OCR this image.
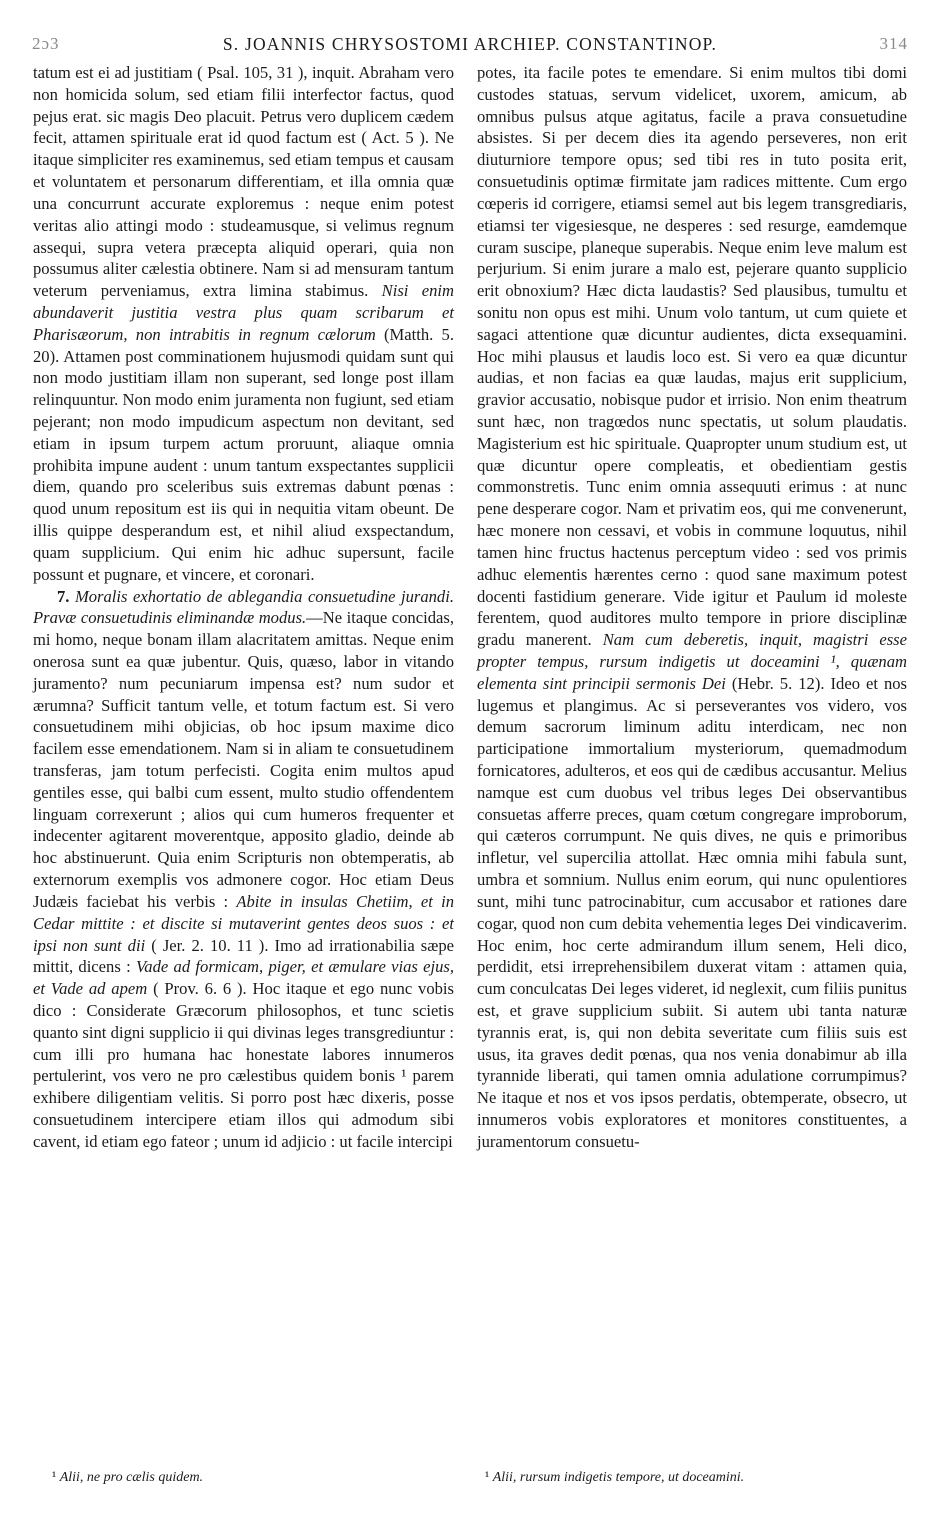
2ɔ3	S. JOANNIS CHRYSOSTOMI ARCHIEP. CONSTANTINOP.	314

tatum est ei ad justitiam ( Psal. 105, 31 ), inquit. Abraham vero non homicida solum, sed etiam filii interfector factus, quod pejus erat. sic magis Deo placuit. Petrus vero duplicem cædem fecit, attamen spirituale erat id quod factum est ( Act. 5 ). Ne itaque simpliciter res examinemus, sed etiam tempus et causam et voluntatem et personarum differentiam, et illa omnia quæ una concurrunt accurate exploremus : neque enim potest veritas alio attingi modo : studeamusque, si velimus regnum assequi, supra vetera præcepta aliquid operari, quia non possumus aliter cælestia obtinere. Nam si ad mensuram tantum veterum perveniamus, extra limina stabimus. Nisi enim abundaverit justitia vestra plus quam scribarum et Pharisæorum, non intrabitis in regnum cælorum (Matth. 5. 20). Attamen post comminationem hujusmodi quidam sunt qui non modo justitiam illam non superant, sed longe post illam relinquuntur. Non modo enim juramenta non fugiunt, sed etiam pejerant; non modo impudicum aspectum non devitant, sed etiam in ipsum turpem actum proruunt, aliaque omnia prohibita impune audent : unum tantum exspectantes supplicii diem, quando pro sceleribus suis extremas dabunt pœnas : quod unum repositum est iis qui in nequitia vitam obeunt. De illis quippe desperandum est, et nihil aliud exspectandum, quam supplicium. Qui enim hic adhuc supersunt, facile possunt et pugnare, et vincere, et coronari.

7. Moralis exhortatio de ablegandia consuetudine jurandi. Pravæ consuetudinis eliminandæ modus.—Ne itaque concidas, mi homo, neque bonam illam alacritatem amittas. Neque enim onerosa sunt ea quæ jubentur. Quis, quæso, labor in vitando juramento? num pecuniarum impensa est? num sudor et ærumna? Sufficit tantum velle, et totum factum est. Si vero consuetudinem mihi objicias, ob hoc ipsum maxime dico facilem esse emendationem. Nam si in aliam te consuetudinem transferas, jam totum perfecisti. Cogita enim multos apud gentiles esse, qui balbi cum essent, multo studio offendentem linguam correxerunt ; alios qui cum humeros frequenter et indecenter agitarent moverentque, apposito gladio, deinde ab hoc abstinuerunt. Quia enim Scripturis non obtemperatis, ab externorum exemplis vos admonere cogor. Hoc etiam Deus Judæis faciebat his verbis : Abite in insulas Chetiim, et in Cedar mittite : et discite si mutaverint gentes deos suos : et ipsi non sunt dii ( Jer. 2. 10. 11 ). Imo ad irrationabilia sæpe mittit, dicens : Vade ad formicam, piger, et æmulare vias ejus, et Vade ad apem ( Prov. 6. 6 ). Hoc itaque et ego nunc vobis dico : Considerate Græcorum philosophos, et tunc scietis quanto sint digni supplicio ii qui divinas leges transgrediuntur : cum illi pro humana hac honestate labores innumeros pertulerint, vos vero ne pro cælestibus quidem bonis ¹ parem exhibere diligentiam velitis. Si porro post hæc dixeris, posse consuetudinem intercipere etiam illos qui admodum sibi cavent, id etiam ego fateor ; unum id adjicio : ut facile intercipi

potes, ita facile potes te emendare. Si enim multos tibi domi custodes statuas, servum videlicet, uxorem, amicum, ab omnibus pulsus atque agitatus, facile a prava consuetudine absistes. Si per decem dies ita agendo perseveres, non erit diuturniore tempore opus; sed tibi res in tuto posita erit, consuetudinis optimæ firmitate jam radices mittente. Cum ergo cœperis id corrigere, etiamsi semel aut bis legem transgrediaris, etiamsi ter vigesiesque, ne desperes : sed resurge, eamdemque curam suscipe, planeque superabis. Neque enim leve malum est perjurium. Si enim jurare a malo est, pejerare quanto supplicio erit obnoxium? Hæc dicta laudastis? Sed plausibus, tumultu et sonitu non opus est mihi. Unum volo tantum, ut cum quiete et sagaci attentione quæ dicuntur audientes, dicta exsequamini. Hoc mihi plausus et laudis loco est. Si vero ea quæ dicuntur audias, et non facias ea quæ laudas, majus erit supplicium, gravior accusatio, nobisque pudor et irrisio. Non enim theatrum sunt hæc, non tragœdos nunc spectatis, ut solum plaudatis. Magisterium est hic spirituale. Quapropter unum studium est, ut quæ dicuntur opere compleatis, et obedientiam gestis commonstretis. Tunc enim omnia assequuti erimus : at nunc pene desperare cogor. Nam et privatim eos, qui me convenerunt, hæc monere non cessavi, et vobis in commune loquutus, nihil tamen hinc fructus hactenus perceptum video : sed vos primis adhuc elementis hærentes cerno : quod sane maximum potest docenti fastidium generare. Vide igitur et Paulum id moleste ferentem, quod auditores multo tempore in priore disciplinæ gradu manerent. Nam cum deberetis, inquit, magistri esse propter tempus, rursum indigetis ut doceamini ¹, quænam elementa sint principii sermonis Dei (Hebr. 5. 12). Ideo et nos lugemus et plangimus. Ac si perseverantes vos videro, vos demum sacrorum liminum aditu interdicam, nec non participatione immortalium mysteriorum, quemadmodum fornicatores, adulteros, et eos qui de cædibus accusantur. Melius namque est cum duobus vel tribus leges Dei observantibus consuetas afferre preces, quam cœtum congregare improborum, qui cæteros corrumpunt. Ne quis dives, ne quis e primoribus infletur, vel supercilia attollat. Hæc omnia mihi fabula sunt, umbra et somnium. Nullus enim eorum, qui nunc opulentiores sunt, mihi tunc patrocinabitur, cum accusabor et rationes dare cogar, quod non cum debita vehementia leges Dei vindicaverim. Hoc enim, hoc certe admirandum illum senem, Heli dico, perdidit, etsi irreprehensibilem duxerat vitam : attamen quia, cum conculcatas Dei leges videret, id neglexit, cum filiis punitus est, et grave supplicium subiit. Si autem ubi tanta naturæ tyrannis erat, is, qui non debita severitate cum filiis suis est usus, ita graves dedit pœnas, qua nos venia donabimur ab illa tyrannide liberati, qui tamen omnia adulatione corrumpimus? Ne itaque et nos et vos ipsos perdatis, obtemperate, obsecro, ut innumeros vobis exploratores et monitores constituentes, a juramentorum consuetu-

¹ Alii, ne pro cælis quidem.	¹ Alii, rursum indigetis tempore, ut doceamini.
